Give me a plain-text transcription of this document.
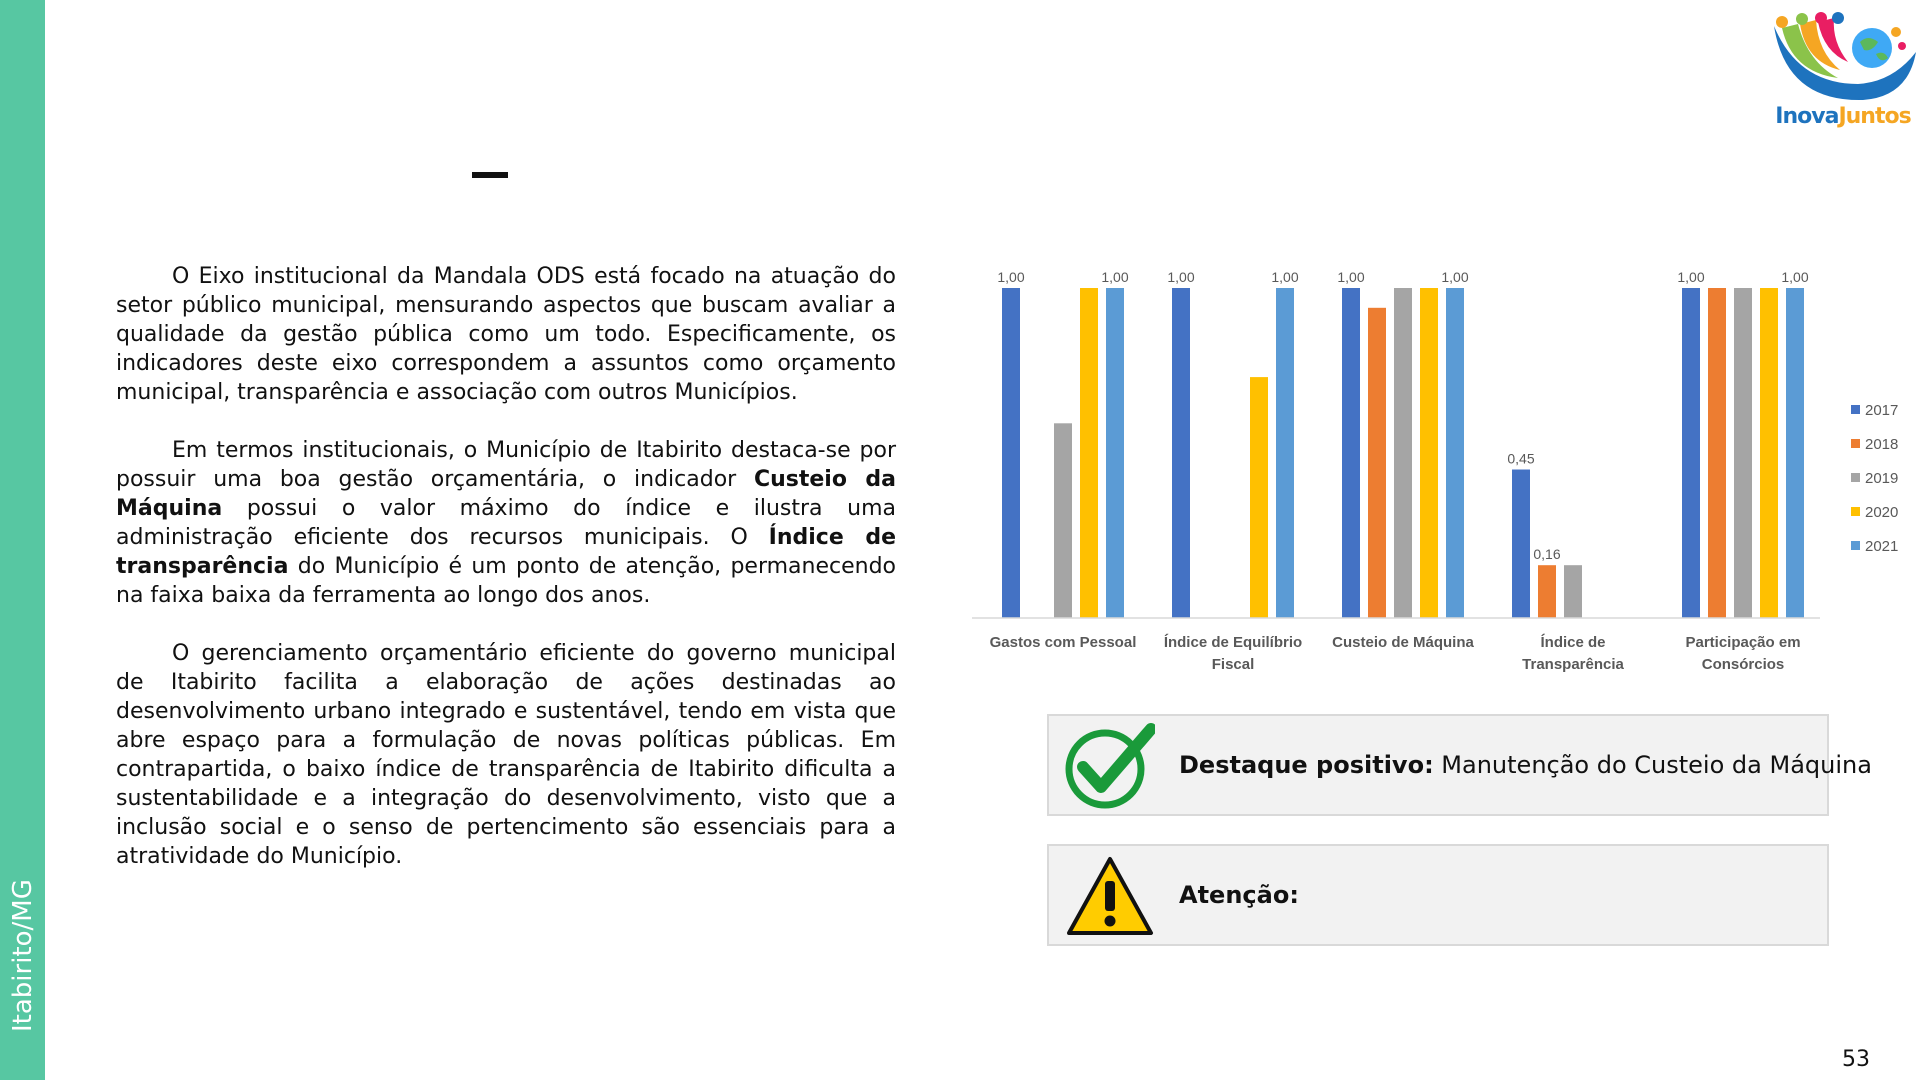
Itabirito/MG
InovaJuntos

O Eixo institucional da Mandala ODS está focado na atuação do setor público municipal, mensurando aspectos que buscam avaliar a qualidade da gestão pública como um todo. Especificamente, os indicadores deste eixo correspondem a assuntos como orçamento municipal, transparência e associação com outros Municípios.

Em termos institucionais, o Município de Itabirito destaca-se por possuir uma boa gestão orçamentária, o indicador Custeio da Máquina possui o valor máximo do índice e ilustra uma administração eficiente dos recursos municipais. O Índice de transparência do Município é um ponto de atenção, permanecendo na faixa baixa da ferramenta ao longo dos anos.

O gerenciamento orçamentário eficiente do governo municipal de Itabirito facilita a elaboração de ações destinadas ao desenvolvimento urbano integrado e sustentável, tendo em vista que abre espaço para a formulação de novas políticas públicas. Em contrapartida, o baixo índice de transparência de Itabirito dificulta a sustentabilidade e a integração do desenvolvimento, visto que a inclusão social e o senso de pertencimento são essenciais para a atratividade do Município.

1,00	1,00	1,00	1,00	1,00	1,00
0,45
0,16
1,00	1,00
Gastos com Pessoal Índice de Equilíbrio
Fiscal
Custeio de Máquina	Índice de
Transparência
Participação em
Consórcios
2017
2018
2019
2020
2021
Destaque positivo: Manutenção do Custeio da Máquina
Atenção:
53
